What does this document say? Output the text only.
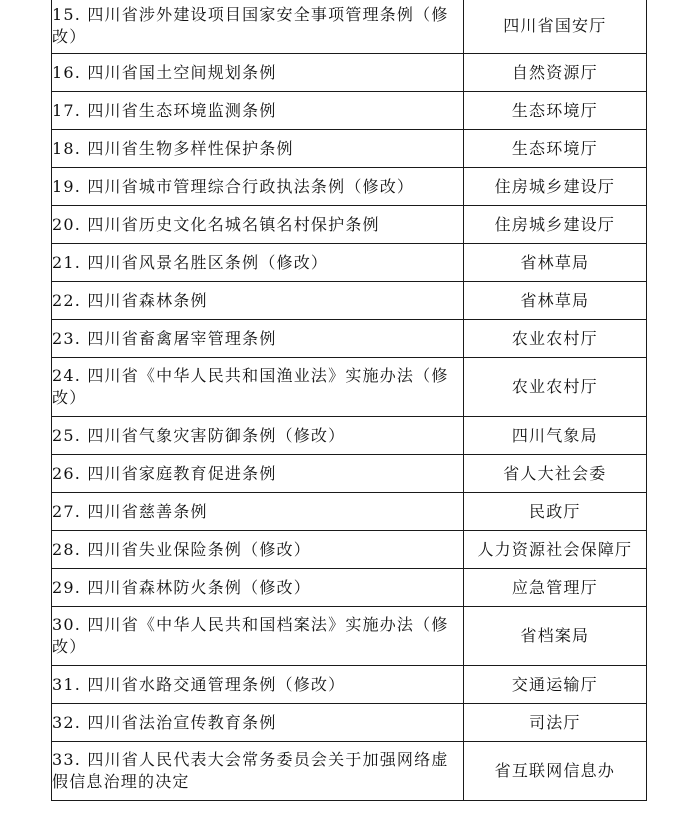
15. 四川省涉外建设项目国家安全事项管理条例（修改）	四川省国安厅
16. 四川省国土空间规划条例	自然资源厅
17. 四川省生态环境监测条例	生态环境厅
18. 四川省生物多样性保护条例	生态环境厅
19. 四川省城市管理综合行政执法条例（修改）	住房城乡建设厅
20. 四川省历史文化名城名镇名村保护条例	住房城乡建设厅
21. 四川省风景名胜区条例（修改）	省林草局
22. 四川省森林条例	省林草局
23. 四川省畜禽屠宰管理条例	农业农村厅
24. 四川省《中华人民共和国渔业法》实施办法（修改）	农业农村厅
25. 四川省气象灾害防御条例（修改）	四川气象局
26. 四川省家庭教育促进条例	省人大社会委
27. 四川省慈善条例	民政厅
28. 四川省失业保险条例（修改）	人力资源社会保障厅
29. 四川省森林防火条例（修改）	应急管理厅
30. 四川省《中华人民共和国档案法》实施办法（修改）	省档案局
31. 四川省水路交通管理条例（修改）	交通运输厅
32. 四川省法治宣传教育条例	司法厅
33. 四川省人民代表大会常务委员会关于加强网络虚假信息治理的决定	省互联网信息办
